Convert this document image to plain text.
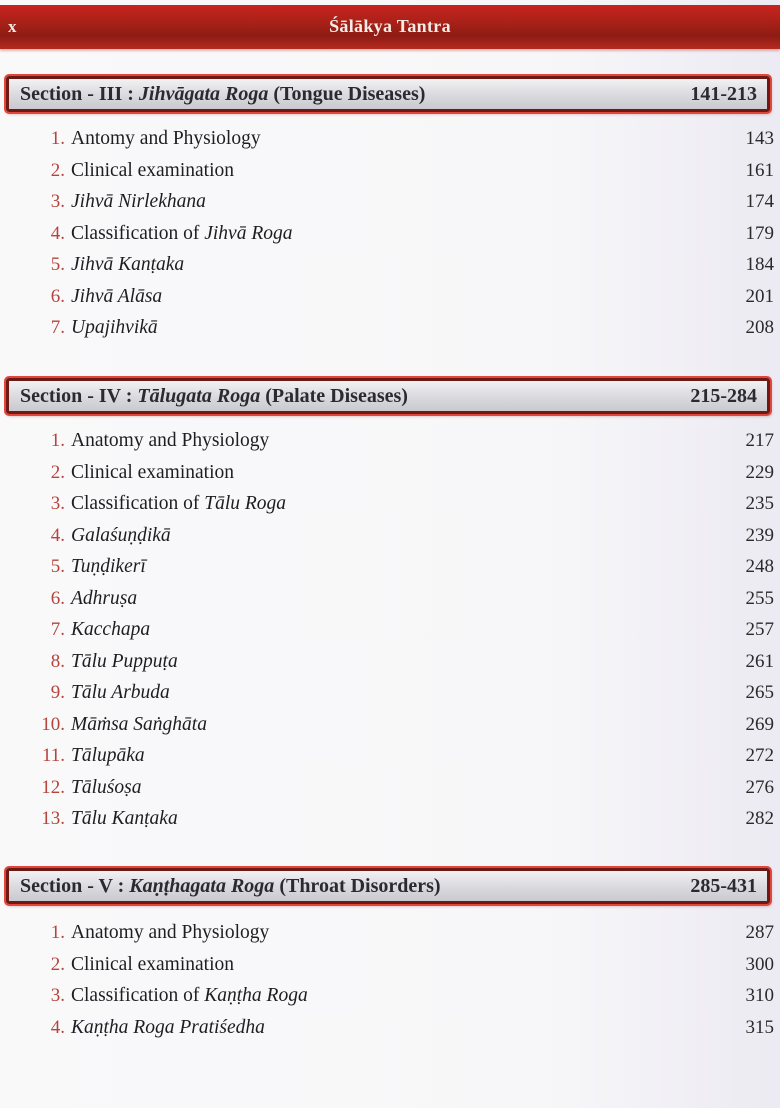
x	Śālākya Tantra
Section - III : Jihvāgata Roga (Tongue Diseases)	141-213
1. Antomy and Physiology	143
2. Clinical examination	161
3. Jihvā Nirlekhana	174
4. Classification of Jihvā Roga	179
5. Jihvā Kanṭaka	184
6. Jihvā Alāsa	201
7. Upajihvikā	208
Section - IV : Tālugata Roga (Palate Diseases)	215-284
1. Anatomy and Physiology	217
2. Clinical examination	229
3. Classification of Tālu Roga	235
4. Galaśuṇḍikā	239
5. Tuṇḍikerī	248
6. Adhruṣa	255
7. Kacchapa	257
8. Tālu Puppuṭa	261
9. Tālu Arbuda	265
10. Māṁsa Saṅghāta	269
11. Tālupāka	272
12. Tāluśoṣa	276
13. Tālu Kanṭaka	282
Section - V : Kaṇṭhagata Roga (Throat Disorders)	285-431
1. Anatomy and Physiology	287
2. Clinical examination	300
3. Classification of Kaṇṭha Roga	310
4. Kaṇṭha Roga Pratiśedha	315
